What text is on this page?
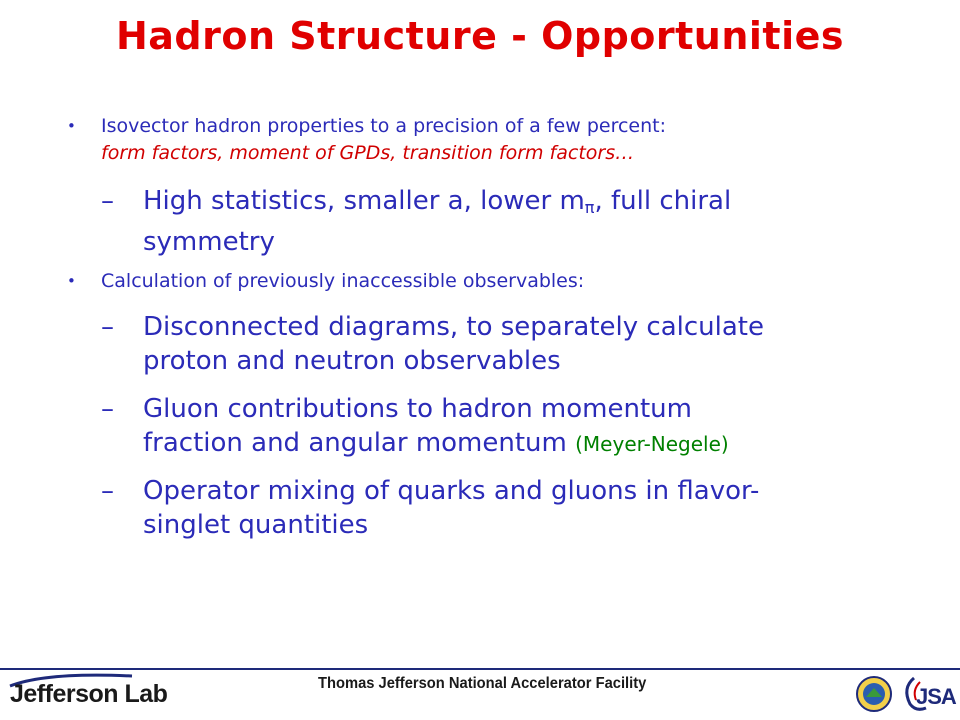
Hadron Structure - Opportunities
• Isovector hadron properties to a precision of a few percent:
form factors, moment of GPDs, transition form factors…
– High statistics, smaller a, lower $m_\pi$, full chiral
symmetry
• Calculation of previously inaccessible observables:
– Disconnected diagrams, to separately calculate
proton and neutron observables
– Gluon contributions to hadron momentum
fraction and angular momentum (Meyer-Negele)
– Operator mixing of quarks and gluons in flavor-
singlet quantities
Jefferson Lab	Thomas Jefferson National Accelerator Facility
JSA
